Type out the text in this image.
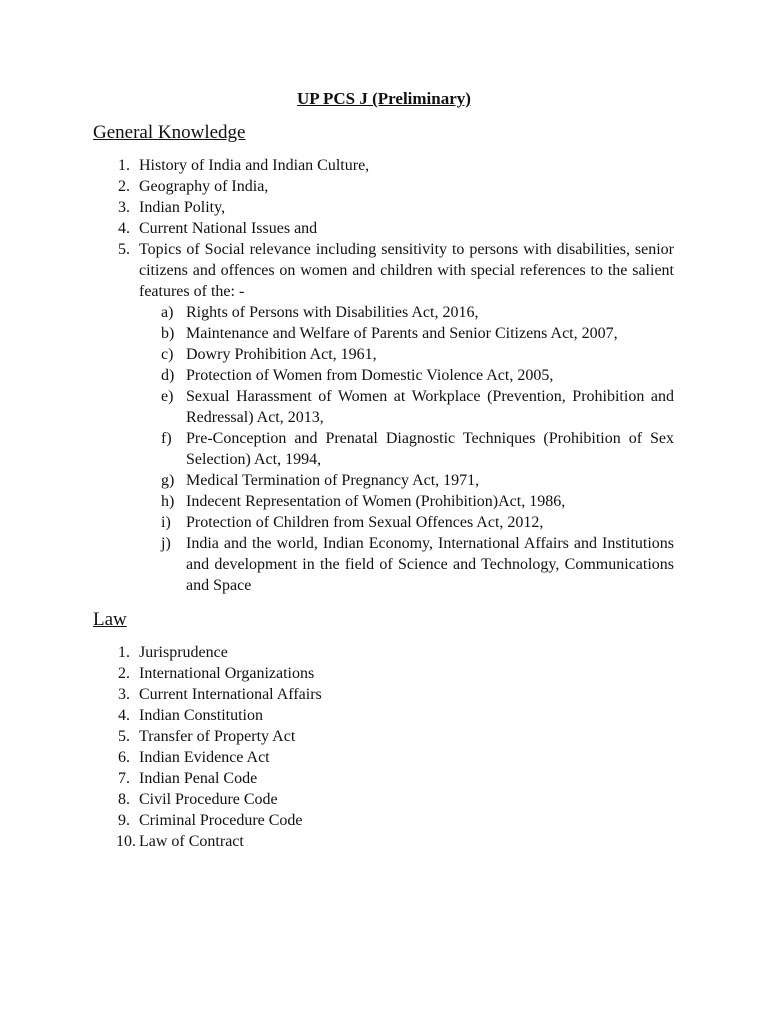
UP PCS J (Preliminary)
General Knowledge
1. History of India and Indian Culture,
2. Geography of India,
3. Indian Polity,
4. Current National Issues and
5. Topics of Social relevance including sensitivity to persons with disabilities, senior citizens and offences on women and children with special references to the salient features of the: -
a) Rights of Persons with Disabilities Act, 2016,
b) Maintenance and Welfare of Parents and Senior Citizens Act, 2007,
c) Dowry Prohibition Act, 1961,
d) Protection of Women from Domestic Violence Act, 2005,
e) Sexual Harassment of Women at Workplace (Prevention, Prohibition and Redressal) Act, 2013,
f) Pre-Conception and Prenatal Diagnostic Techniques (Prohibition of Sex Selection) Act, 1994,
g) Medical Termination of Pregnancy Act, 1971,
h) Indecent Representation of Women (Prohibition)Act, 1986,
i) Protection of Children from Sexual Offences Act, 2012,
j) India and the world, Indian Economy, International Affairs and Institutions and development in the field of Science and Technology, Communications and Space
Law
1. Jurisprudence
2. International Organizations
3. Current International Affairs
4. Indian Constitution
5. Transfer of Property Act
6. Indian Evidence Act
7. Indian Penal Code
8. Civil Procedure Code
9. Criminal Procedure Code
10. Law of Contract
